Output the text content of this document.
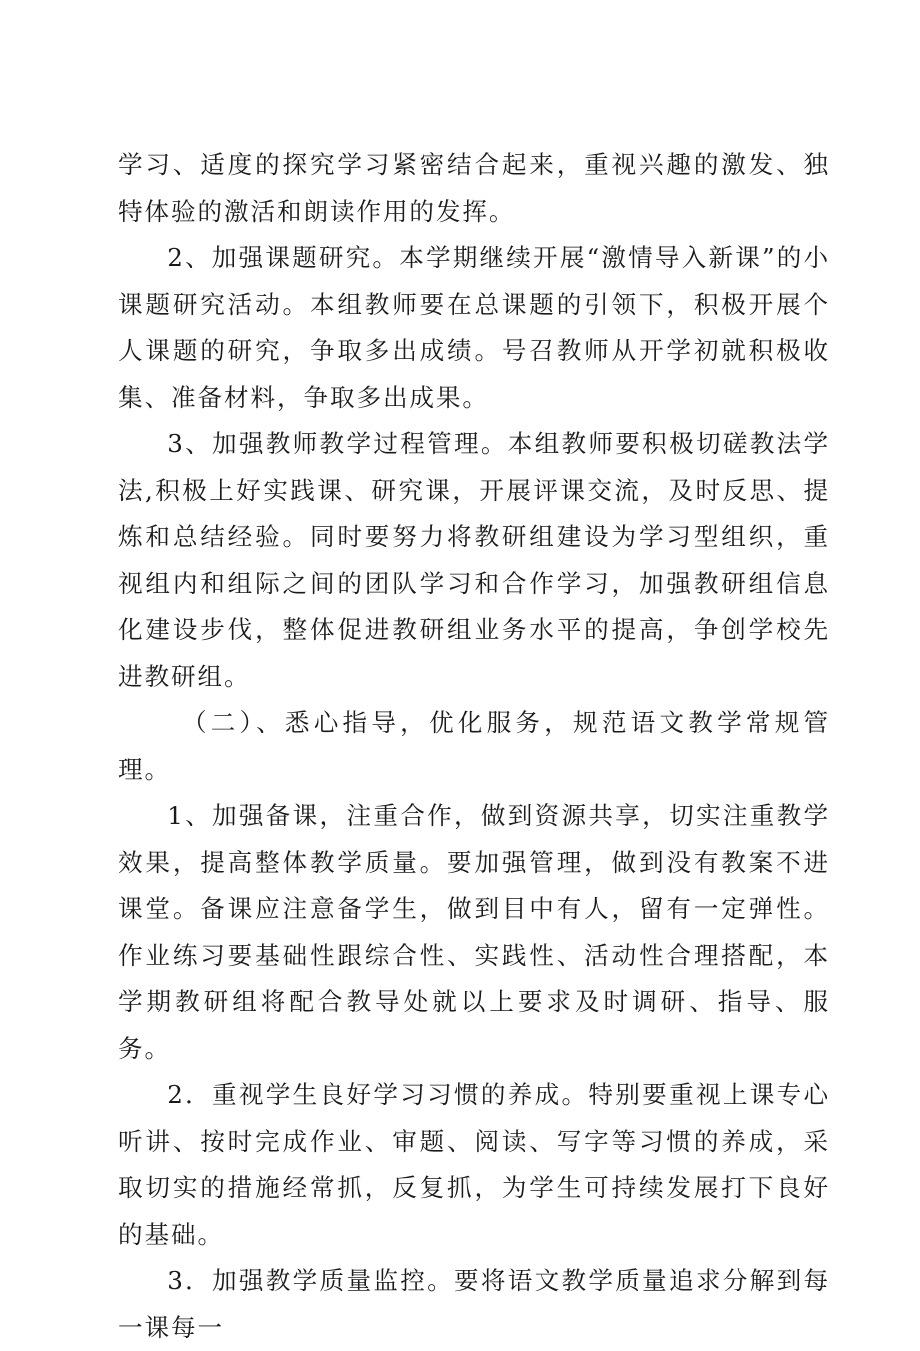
学习、适度的探究学习紧密结合起来，重视兴趣的激发、独特体验的激活和朗读作用的发挥。

2、加强课题研究。本学期继续开展“激情导入新课”的小课题研究活动。本组教师要在总课题的引领下，积极开展个人课题的研究，争取多出成绩。号召教师从开学初就积极收集、准备材料，争取多出成果。

3、加强教师教学过程管理。本组教师要积极切磋教法学法,积极上好实践课、研究课，开展评课交流，及时反思、提炼和总结经验。同时要努力将教研组建设为学习型组织，重视组内和组际之间的团队学习和合作学习，加强教研组信息化建设步伐，整体促进教研组业务水平的提高，争创学校先进教研组。

（二）、悉心指导，优化服务，规范语文教学常规管理。

1、加强备课，注重合作，做到资源共享，切实注重教学效果，提高整体教学质量。要加强管理，做到没有教案不进课堂。备课应注意备学生，做到目中有人，留有一定弹性。作业练习要基础性跟综合性、实践性、活动性合理搭配，本学期教研组将配合教导处就以上要求及时调研、指导、服务。

2．重视学生良好学习习惯的养成。特别要重视上课专心听讲、按时完成作业、审题、阅读、写字等习惯的养成，采取切实的措施经常抓，反复抓，为学生可持续发展打下良好的基础。

3．加强教学质量监控。要将语文教学质量追求分解到每一课每一
